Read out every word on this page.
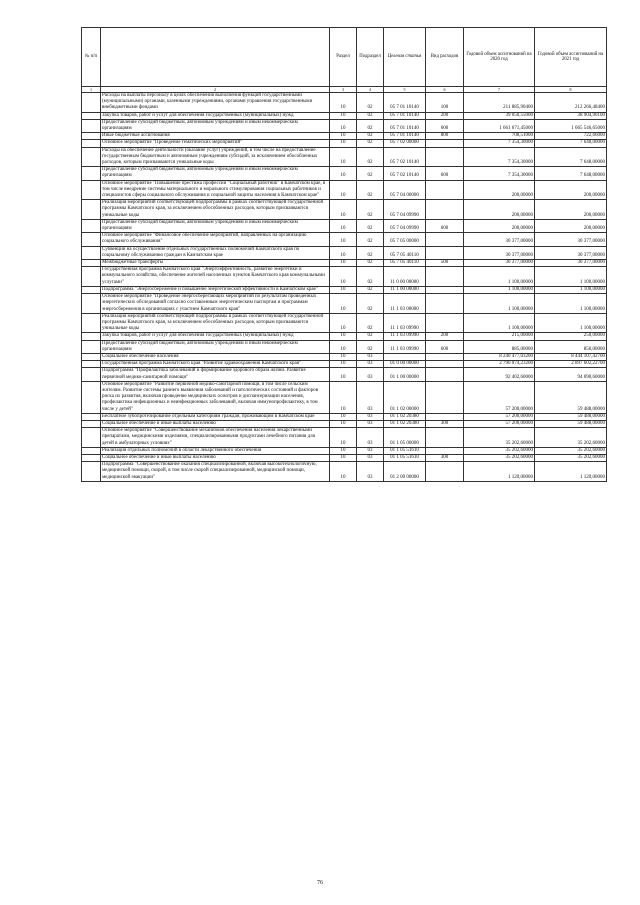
№ п/п		Раздел	Подраздел	Целевая статья	Вид расходов	Годовой объем ассигнований на 2020 год	Годовой объем ассигнований на 2021 год
1	2	3	4	5	6	7	8
	Расходы на выплаты персоналу в целях обеспечения выполнения функций государственными (муниципальными) органами, казенными учреждениями, органами управления государственными внебюджетными фондами	10	02	05 7 01 10140	100	211 885,90400	212 266,48400
	Закупка товаров, работ и услуг для обеспечения государственных (муниципальных) нужд	10	02	05 7 01 10140	200	39 050,55000	38 904,90100
	Предоставление субсидий бюджетным, автономным учреждениям и иным некоммерческим организациям	10	02	05 7 01 10140	600	1 661 671,45000	1 665 546,65000
	Иные бюджетные ассигнования	10	02	05 7 01 10140	800	708,51000	722,66000
	Основное мероприятие "Проведение тематических мероприятий"	10	02	05 7 02 00000		7 354,30000	7 648,00000
	Расходы на обеспечение деятельности (оказание услуг) учреждений, в том числе на предоставление государственным бюджетным и автономным учреждениям субсидий, за исключением обособленных расходов, которым присваиваются уникальные коды	10	02	05 7 02 10140		7 354,30000	7 648,00000
	Предоставление субсидий бюджетным, автономным учреждениям и иным некоммерческим организациям	10	02	05 7 02 10140	600	7 354,30000	7 648,00000
	Основное мероприятие "Повышение престижа профессии "Социальный работник" в Камчатском крае, в том числе внедрение системы материального и морального стимулирования социальных работников и специалистов сферы социального обслуживания и социальной защиты населения в Камчатском крае"	10	02	05 7 04 00000		200,00000	200,00000
	Реализация мероприятий соответствующей подпрограммы в рамках соответствующей государственной программы Камчатского края, за исключением обособленных расходов, которым присваиваются уникальные коды	10	02	05 7 04 09990		200,00000	200,00000
	Предоставление субсидий бюджетным, автономным учреждениям и иным некоммерческим организациям	10	02	05 7 04 09990	600	200,00000	200,00000
	Основное мероприятие "Финансовое обеспечение мероприятий, направленных на организацию социального обслуживания"	10	02	05 7 05 00000		30 377,00000	30 377,00000
	Субвенции на осуществление отдельных государственных полномочий Камчатского края по социальному обслуживанию граждан в Камчатском крае	10	02	05 7 05 40110		30 377,00000	30 377,00000
	Межбюджетные трансферты	10	02	05 7 05 40110	500	30 377,00000	30 377,00000
	Государственная программа Камчатского края "Энергоэффективность, развитие энергетики и коммунального хозяйства, обеспечение жителей населенных пунктов Камчатского края коммунальными услугами"	10	02	11 0 00 00000		1 100,00000	1 100,00000
	Подпрограмма "Энергосбережение и повышение энергетической эффективности в Камчатском крае"	10	02	11 1 00 00000		1 100,00000	1 100,00000
	Основное мероприятие "Проведение энергосберегающих мероприятий по результатам проведенных энергетических обследований согласно составленным энергетическим паспортам и программам энергосбережения в организациях с участием Камчатского края"	10	02	11 1 03 00000		1 100,00000	1 100,00000
	Реализация мероприятий соответствующей подпрограммы в рамках соответствующей государственной программы Камчатского края, за исключением обособленных расходов, которым присваиваются уникальные коды	10	02	11 1 03 09990		1 100,00000	1 100,00000
	Закупка товаров, работ и услуг для обеспечения государственных (муниципальных) нужд	10	02	11 1 03 09990	200	215,00000	250,00000
	Предоставление субсидий бюджетным, автономным учреждениям и иным некоммерческим организациям	10	02	11 1 03 09990	600	885,00000	850,00000
	Социальное обеспечение населения	10	03			8 240 477,03200	8 444 107,42700
	Государственная программа Камчатского края "Развитие здравоохранения Камчатского края"	10	03	01 0 00 00000		2 790 074,23200	2 897 602,22700
	Подпрограмма "Профилактика заболеваний и формирование здорового образа жизни. Развитие первичной медико-санитарной помощи"	10	03	01 1 00 00000		92 402,60000	94 690,60000
	Основное мероприятие "Развитие первичной медико-санитарной помощи, в том числе сельским жителям. Развитие системы раннего выявления заболеваний и патологических состояний и факторов риска их развития, включая проведение медицинских осмотров и диспансеризации населения, профилактика инфекционных и неинфекционных заболеваний, включая иммунопрофилактику, в том числе у детей"	10	03	01 1 02 00000		57 200,00000	59 488,00000
	Бесплатное зубопротезирование отдельным категориям граждан, проживающим в Камчатском крае	10	03	01 1 02 20380		57 200,00000	59 488,00000
	Социальное обеспечение и иные выплаты населению	10	03	01 1 02 20380	300	57 200,00000	59 488,00000
	Основное мероприятие "Совершенствование механизмов обеспечения населения лекарственными препаратами, медицинскими изделиями, специализированными продуктами лечебного питания для детей в амбулаторных условиях"	10	03	01 1 05 00000		35 202,60000	35 202,60000
	Реализация отдельных полномочий в области лекарственного обеспечения	10	03	01 1 05 51610		35 202,60000	35 202,60000
	Социальное обеспечение и иные выплаты населению	10	03	01 1 05 51610	300	35 202,60000	35 202,60000
	Подпрограмма "Совершенствование оказания специализированной, включая высокотехнологичную, медицинской помощи, скорой, в том числе скорой специализированной, медицинской помощи, медицинской эвакуации"	10	03	01 2 00 00000		1 120,00000	1 120,00000
76
